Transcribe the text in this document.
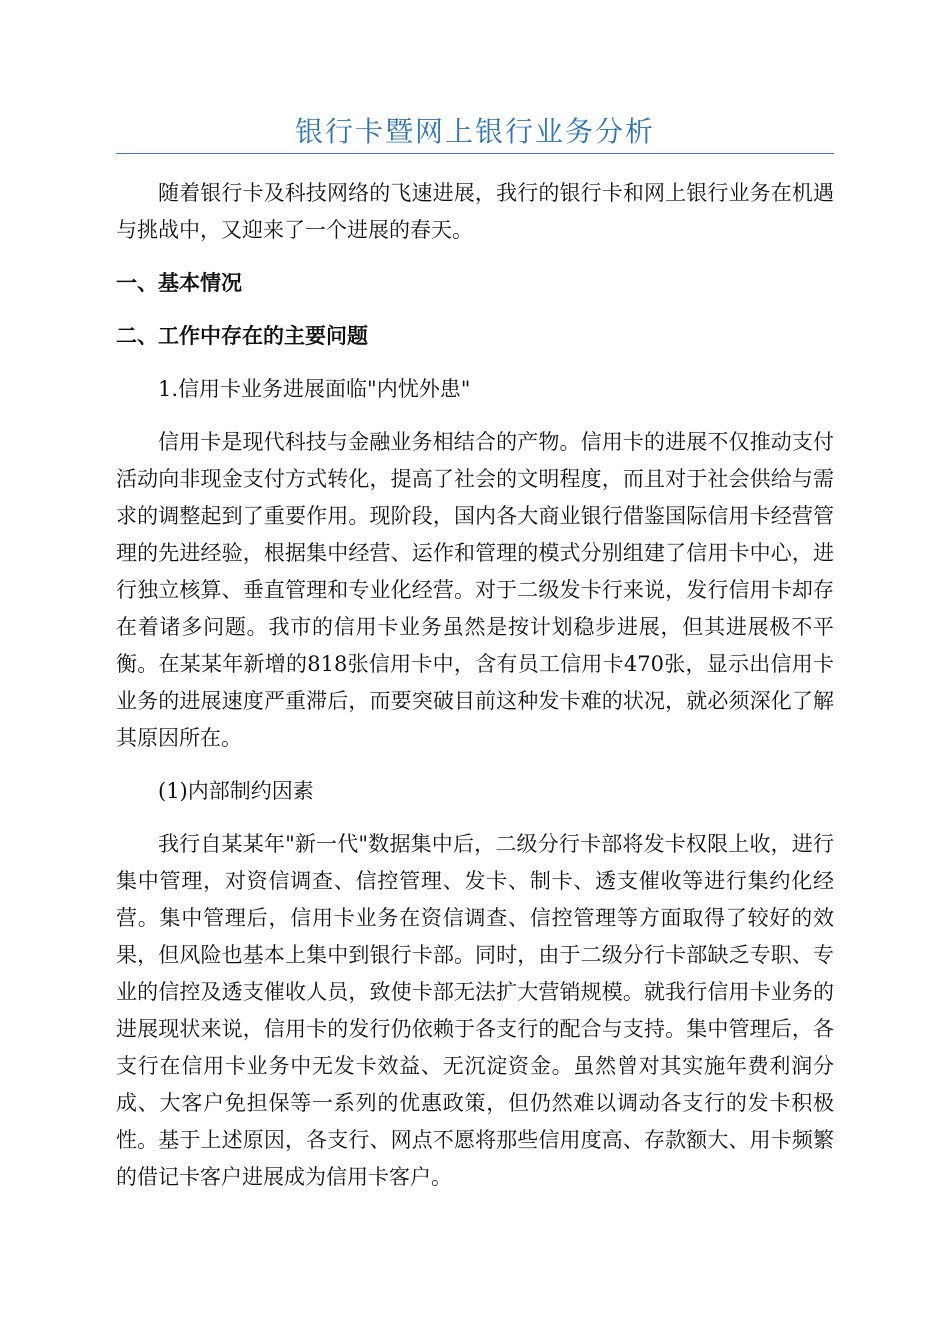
银行卡暨网上银行业务分析

随着银行卡及科技网络的飞速进展，我行的银行卡和网上银行业务在机遇与挑战中，又迎来了一个进展的春天。

一、基本情况

二、工作中存在的主要问题

1.信用卡业务进展面临"内忧外患"

信用卡是现代科技与金融业务相结合的产物。信用卡的进展不仅推动支付活动向非现金支付方式转化，提高了社会的文明程度，而且对于社会供给与需求的调整起到了重要作用。现阶段，国内各大商业银行借鉴国际信用卡经营管理的先进经验，根据集中经营、运作和管理的模式分别组建了信用卡中心，进行独立核算、垂直管理和专业化经营。对于二级发卡行来说，发行信用卡却存在着诸多问题。我市的信用卡业务虽然是按计划稳步进展，但其进展极不平衡。在某某年新增的818张信用卡中，含有员工信用卡470张，显示出信用卡业务的进展速度严重滞后，而要突破目前这种发卡难的状况，就必须深化了解其原因所在。

(1)内部制约因素

我行自某某年"新一代"数据集中后，二级分行卡部将发卡权限上收，进行集中管理，对资信调查、信控管理、发卡、制卡、透支催收等进行集约化经营。集中管理后，信用卡业务在资信调查、信控管理等方面取得了较好的效果，但风险也基本上集中到银行卡部。同时，由于二级分行卡部缺乏专职、专业的信控及透支催收人员，致使卡部无法扩大营销规模。就我行信用卡业务的进展现状来说，信用卡的发行仍依赖于各支行的配合与支持。集中管理后，各支行在信用卡业务中无发卡效益、无沉淀资金。虽然曾对其实施年费利润分成、大客户免担保等一系列的优惠政策，但仍然难以调动各支行的发卡积极性。基于上述原因，各支行、网点不愿将那些信用度高、存款额大、用卡频繁的借记卡客户进展成为信用卡客户。
